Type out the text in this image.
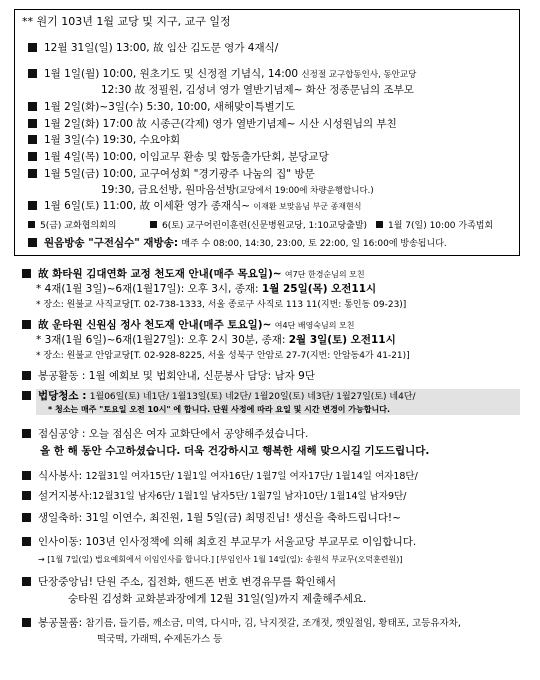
** 원기 103년 1월 교당 및 지구, 교구 일정
12월 31일(일) 13:00, 故 임산 김도문 영가 4재식/
1월 1일(월) 10:00, 원초기도 및 신정절 기념식, 14:00 신정절 교구합동인사, 동안교당
12:30 故 정필원, 김성녀 영가 열반기념제~ 화산 정종문님의 조부모
1월 2일(화)~3일(수) 5:30, 10:00, 새해맞이특별기도
1월 2일(화) 17:00 故 시종근(각제) 영가 열반기념제~ 시산 시성원님의 부친
1월 3일(수) 19:30, 수요야회
1월 4일(목) 10:00, 이임교무 환송 및 합동출가단회, 분당교당
1월 5일(금) 10:00, 교구여성회 "경기광주 나눔의 집" 방문
19:30, 금요선방, 원마음선방(교당에서 19:00에 차량운행합니다.)
1월 6일(토) 11:00, 故 이세환 영가 종재식~ 이재환 보맞음님 부군 종재현식
5(금) 교화협의회의	6(토) 교구어린이훈련(신문병원교당, 1:10교당출발)	1월 7(일) 10:00 가족법회
원음방송 "구전심수" 재방송: 매주 수 08:00, 14:30, 23:00, 토 22:00, 일 16:00에 방송됩니다.
故 화타원 김대연화 교정 천도재 안내(매주 목요일)~ 여7단 한경순님의 모친
* 4재(1월 3일)~6재(1월17일): 오후 3시, 종재: 1월 25일(목) 오전11시
* 장소: 원불교 사직교당[T. 02-738-1333, 서울 종로구 사직로 113 11(지번: 통인동 09-23)]
故 운타원 신원심 정사 천도재 안내(매주 토요일)~ 여4단 배영숙님의 모친
* 3재(1월 6일)~6재(1월27일): 오후 2시 30분, 종재: 2월 3일(토) 오전11시
* 장소: 원불교 안암교당[T. 02-928-8225, 서울 성북구 안암로 27-7(지번: 안암동4가 41-21)]
봉공활동 : 1월 예회보 및 법회안내, 신문봉사 담당: 남자 9단
법당청소 : 1월06일(토) 네1단/ 1월13일(토) 네2단/ 1월20일(토) 네3단/ 1월27일(토) 네4단/
* 청소는 매주 "토요일 오전 10시" 에 합니다. 단원 사정에 따라 요일 및 시간 변경이 가능합니다.
점심공양 : 오늘 점심은 여자 교화단에서 공양해주셨습니다.
올 한 해 동안 수고하셨습니다. 더욱 건강하시고 행복한 새해 맞으시길 기도드립니다.
식사봉사: 12월31일 여자15단/ 1월1일 여자16단/ 1월7일 여자17단/ 1월14일 여자18단/
설거지봉사:12월31일 남자6단/ 1월1일 남자5단/ 1월7일 남자10단/ 1월14일 남자9단/
생일축하: 31일 이연수, 최진원, 1월 5일(금) 최명진님! 생신을 축하드립니다!~
인사이동: 103년 인사정책에 의해 최호진 부교무가 서울교당 부교무로 이임합니다.
→ [1월 7일(일) 법요예회에서 이임인사를 합니다.] [부임인사 1월 14일(일): 송원석 부교무(오덕훈련원)]
단장중앙님! 단원 주소, 집전화, 핸드폰 번호 변경유무를 확인해서
숭타원 김성화 교화분과장에게 12월 31일(일)까지 제출해주세요.
봉공물품: 참기름, 들기름, 깨소금, 미역, 다시마, 김, 낙지젓갈, 조개젓, 깻잎절임, 황태포, 고등유자차,
떡국떡, 가래떡, 수제돈가스 등
